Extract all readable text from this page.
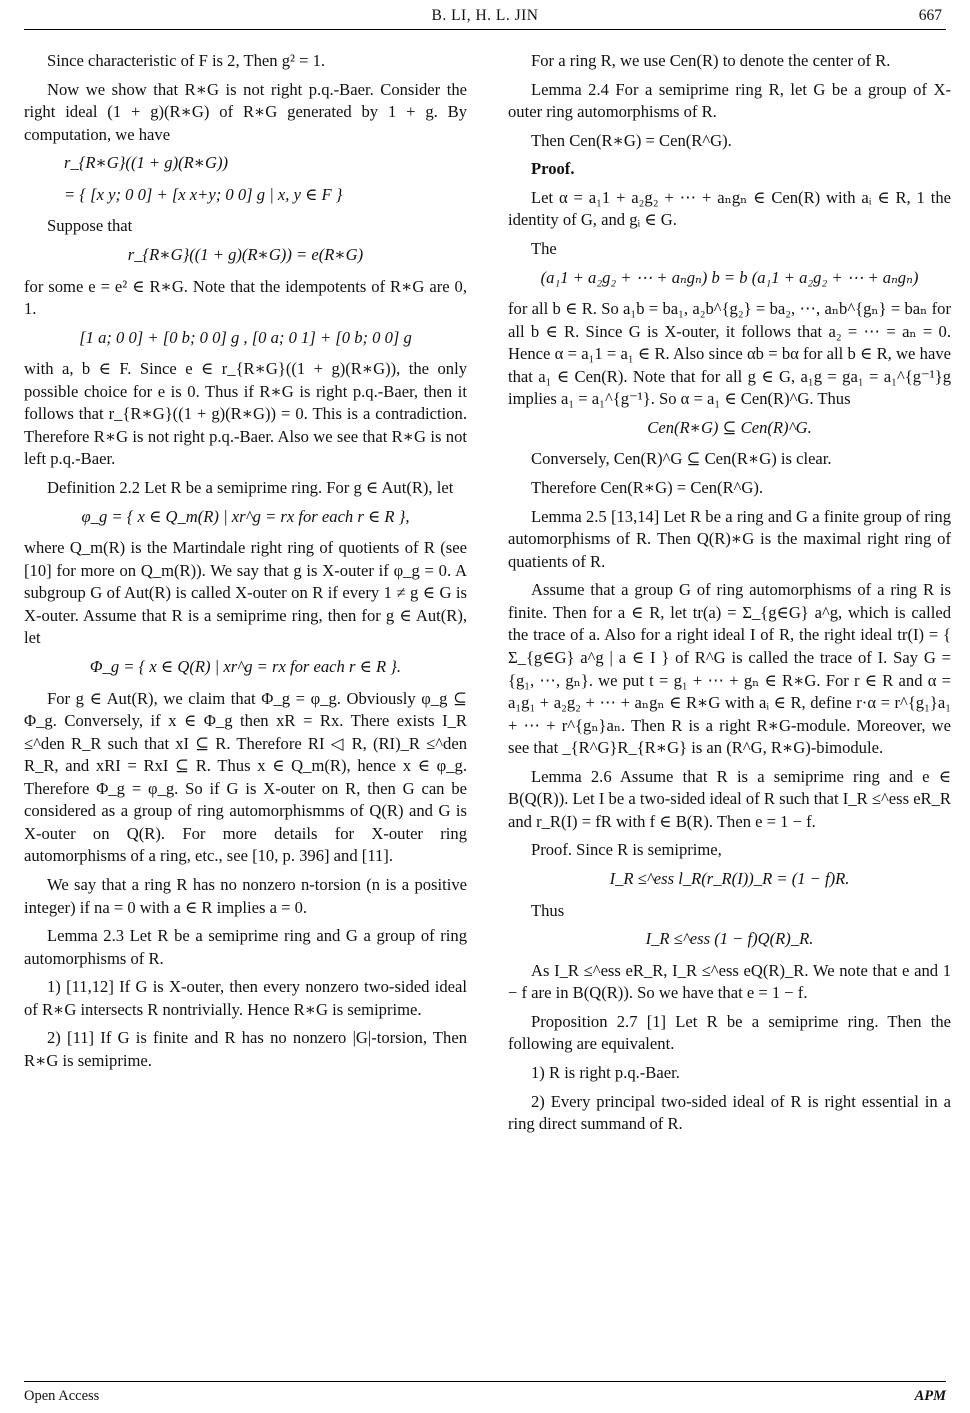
B. LI, H. L. JIN	667

Since characteristic of F is 2, Then g² = 1.

Now we show that R∗G is not right p.q.-Baer. Consider the right ideal (1 + g)(R∗G) of R∗G generated by 1 + g. By computation, we have

r_{R∗G}((1 + g)(R∗G))
= { [x y; 0 0] + [x x+y; 0 0] g | x, y ∈ F }

Suppose that

r_{R∗G}((1 + g)(R∗G)) = e(R∗G)

for some e = e² ∈ R∗G. Note that the idempotents of R∗G are 0, 1.

[1 a; 0 0] + [0 b; 0 0] g , [0 a; 0 1] + [0 b; 0 0] g

with a, b ∈ F. Since e ∈ r_{R∗G}((1 + g)(R∗G)), the only possible choice for e is 0. Thus if R∗G is right p.q.-Baer, then it follows that r_{R∗G}((1 + g)(R∗G)) = 0. This is a contradiction. Therefore R∗G is not right p.q.-Baer. Also we see that R∗G is not left p.q.-Baer.

Definition 2.2 Let R be a semiprime ring. For g ∈ Aut(R), let

φ_g = { x ∈ Q_m(R) | xr^g = rx for each r ∈ R },

where Q_m(R) is the Martindale right ring of quotients of R (see [10] for more on Q_m(R)). We say that g is X-outer if φ_g = 0. A subgroup G of Aut(R) is called X-outer on R if every 1 ≠ g ∈ G is X-outer. Assume that R is a semiprime ring, then for g ∈ Aut(R), let

Φ_g = { x ∈ Q(R) | xr^g = rx for each r ∈ R }.

For g ∈ Aut(R), we claim that Φ_g = φ_g. Obviously φ_g ⊆ Φ_g. Conversely, if x ∈ Φ_g then xR = Rx. There exists I_R ≤^den R_R such that xI ⊆ R. Therefore RI ◁ R, (RI)_R ≤^den R_R, and xRI = RxI ⊆ R. Thus x ∈ Q_m(R), hence x ∈ φ_g. Therefore Φ_g = φ_g. So if G is X-outer on R, then G can be considered as a group of ring automorphismms of Q(R) and G is X-outer on Q(R). For more details for X-outer ring automorphisms of a ring, etc., see [10, p. 396] and [11].

We say that a ring R has no nonzero n-torsion (n is a positive integer) if na = 0 with a ∈ R implies a = 0.

Lemma 2.3 Let R be a semiprime ring and G a group of ring automorphisms of R.

1) [11,12] If G is X-outer, then every nonzero two-sided ideal of R∗G intersects R nontrivially. Hence R∗G is semiprime.

2) [11] If G is finite and R has no nonzero |G|-torsion, Then R∗G is semiprime.

For a ring R, we use Cen(R) to denote the center of R.

Lemma 2.4 For a semiprime ring R, let G be a group of X-outer ring automorphisms of R.

Then Cen(R∗G) = Cen(R^G).

Proof.

Let α = a₁1 + a₂g₂ + ⋯ + aₙgₙ ∈ Cen(R) with aᵢ ∈ R, 1 the identity of G, and gᵢ ∈ G.

The

(a₁1 + a₂g₂ + ⋯ + aₙgₙ) b = b (a₁1 + a₂g₂ + ⋯ + aₙgₙ)

for all b ∈ R. So a₁b = ba₁, a₂b^{g₂} = ba₂, ⋯, aₙb^{gₙ} = baₙ for all b ∈ R. Since G is X-outer, it follows that a₂ = ⋯ = aₙ = 0. Hence α = a₁1 = a₁ ∈ R. Also since αb = bα for all b ∈ R, we have that a₁ ∈ Cen(R). Note that for all g ∈ G, a₁g = ga₁ = a₁^{g⁻¹}g implies a₁ = a₁^{g⁻¹}. So α = a₁ ∈ Cen(R)^G. Thus

Cen(R∗G) ⊆ Cen(R)^G.

Conversely, Cen(R)^G ⊆ Cen(R∗G) is clear.

Therefore Cen(R∗G) = Cen(R^G).

Lemma 2.5 [13,14] Let R be a ring and G a finite group of ring automorphisms of R. Then Q(R)∗G is the maximal right ring of quatients of R.

Assume that a group G of ring automorphisms of a ring R is finite. Then for a ∈ R, let tr(a) = Σ_{g∈G} a^g, which is called the trace of a. Also for a right ideal I of R, the right ideal tr(I) = { Σ_{g∈G} a^g | a ∈ I } of R^G is called the trace of I. Say G = {g₁, ⋯, gₙ}. we put t = g₁ + ⋯ + gₙ ∈ R∗G. For r ∈ R and α = a₁g₁ + a₂g₂ + ⋯ + aₙgₙ ∈ R∗G with aᵢ ∈ R, define r·α = r^{g₁}a₁ + ⋯ + r^{gₙ}aₙ. Then R is a right R∗G-module. Moreover, we see that _{R^G}R_{R∗G} is an (R^G, R∗G)-bimodule.

Lemma 2.6 Assume that R is a semiprime ring and e ∈ B(Q(R)). Let I be a two-sided ideal of R such that I_R ≤^ess eR_R and r_R(I) = fR with f ∈ B(R). Then e = 1 − f.

Proof. Since R is semiprime,

I_R ≤^ess l_R(r_R(I))_R = (1 − f)R.

Thus

I_R ≤^ess (1 − f)Q(R)_R.

As I_R ≤^ess eR_R, I_R ≤^ess eQ(R)_R. We note that e and 1 − f are in B(Q(R)). So we have that e = 1 − f.

Proposition 2.7 [1] Let R be a semiprime ring. Then the following are equivalent.

1) R is right p.q.-Baer.

2) Every principal two-sided ideal of R is right essential in a ring direct summand of R.

Open Access	APM
